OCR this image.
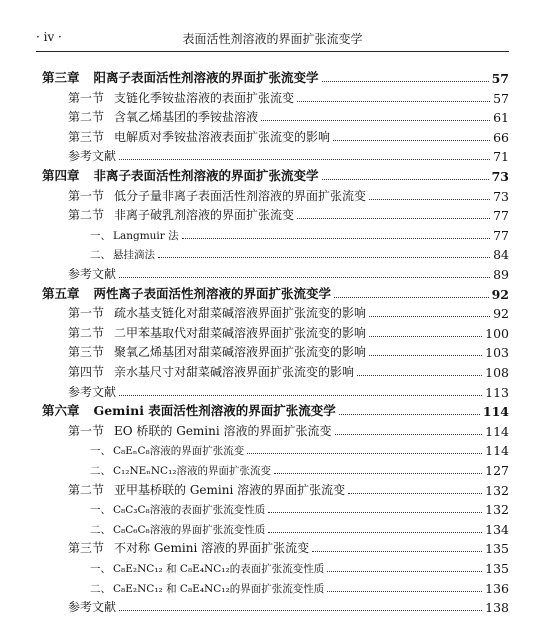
· iv ·	表面活性剂溶液的界面扩张流变学
第三章 阳离子表面活性剂溶液的界面扩张流变学	57
第一节 支链化季铵盐溶液的表面扩张流变	57
第二节 含氧乙烯基团的季铵盐溶液	61
第三节 电解质对季铵盐溶液表面扩张流变的影响	66
参考文献	71
第四章 非离子表面活性剂溶液的界面扩张流变学	73
第一节 低分子量非离子表面活性剂溶液的界面扩张流变	73
第二节 非离子破乳剂溶液的界面扩张流变	77
一、 Langmuir 法	77
二、 悬挂滴法	84
参考文献	89
第五章 两性离子表面活性剂溶液的界面扩张流变学	92
第一节 疏水基支链化对甜菜碱溶液界面扩张流变的影响	92
第二节 二甲苯基取代对甜菜碱溶液界面扩张流变的影响	100
第三节 聚氧乙烯基团对甜菜碱溶液界面扩张流变的影响	103
第四节 亲水基尺寸对甜菜碱溶液界面扩张流变的影响	108
参考文献	113
第六章 Gemini 表面活性剂溶液的界面扩张流变学	114
第一节 EO 桥联的 Gemini 溶液的界面扩张流变	114
一、 C₈EₙC₈溶液的界面扩张流变	114
二、 C₁₂NEₙNC₁₂溶液的界面扩张流变	127
第二节 亚甲基桥联的 Gemini 溶液的界面扩张流变	132
一、 C₈C₃C₈溶液的表面扩张流变性质	132
二、 C₈C₆C₈溶液的界面扩张流变性质	134
第三节 不对称 Gemini 溶液的界面扩张流变	135
一、 C₈E₂NC₁₂ 和 C₈E₄NC₁₂的表面扩张流变性质	135
二、 C₈E₂NC₁₂ 和 C₈E₄NC₁₂的界面扩张流变性质	136
参考文献	138
